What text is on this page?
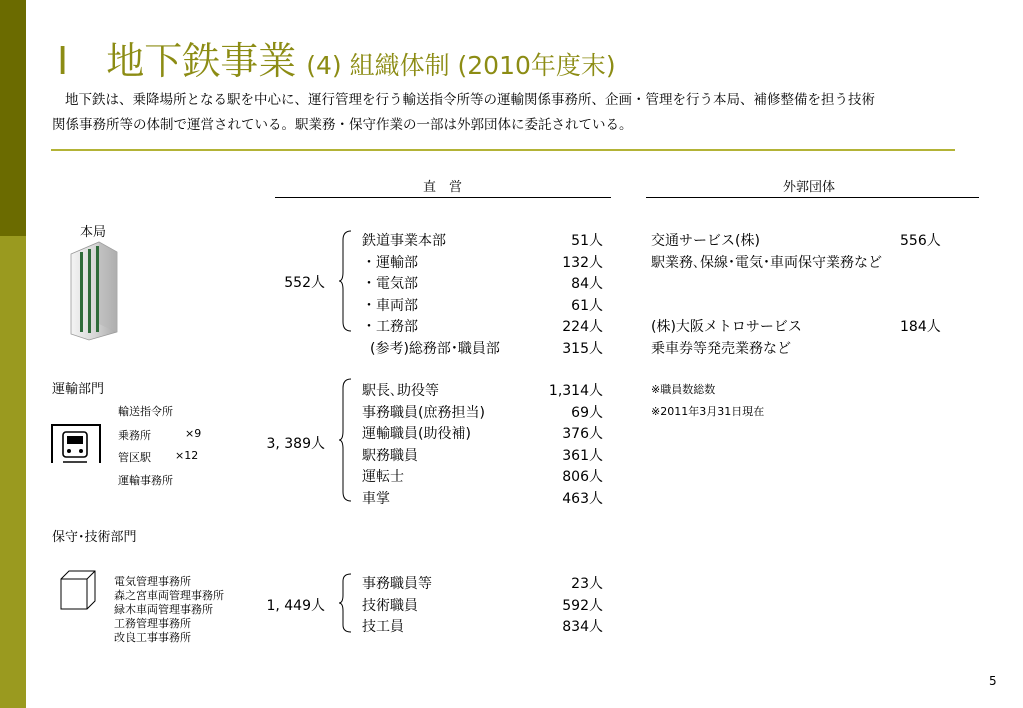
Ⅰ　地下鉄事業 (4) 組織体制 (2010年度末)
地下鉄は、乗降場所となる駅を中心に、運行管理を行う輸送指令所等の運輸関係事務所、企画・管理を行う本局、補修整備を担う技術
関係事務所等の体制で運営されている。駅業務・保守作業の一部は外郭団体に委託されている。
直　営	外郭団体
本局
552人
鉄道事業本部	51人
・運輸部	132人
・電気部	84人
・車両部	61人
・工務部	224人
(参考)総務部･職員部	315人
運輸部門
輸送指令所
乗務所	×9
管区駅 ×12
運輸事務所
3, 389人
駅長､助役等	1,314人
事務職員(庶務担当)	69人
運輸職員(助役補)	376人
駅務職員	361人
運転士	806人
車掌	463人
保守･技術部門
電気管理事務所
森之宮車両管理事務所
緑木車両管理事務所
工務管理事務所
改良工事事務所
1, 449人
事務職員等	23人
技術職員	592人
技工員	834人
交通サービス(株)	556人
駅業務､保線･電気･車両保守業務など
(株)大阪メトロサービス	184人
乗車券等発売業務など
※職員数総数
※2011年3月31日現在
5
